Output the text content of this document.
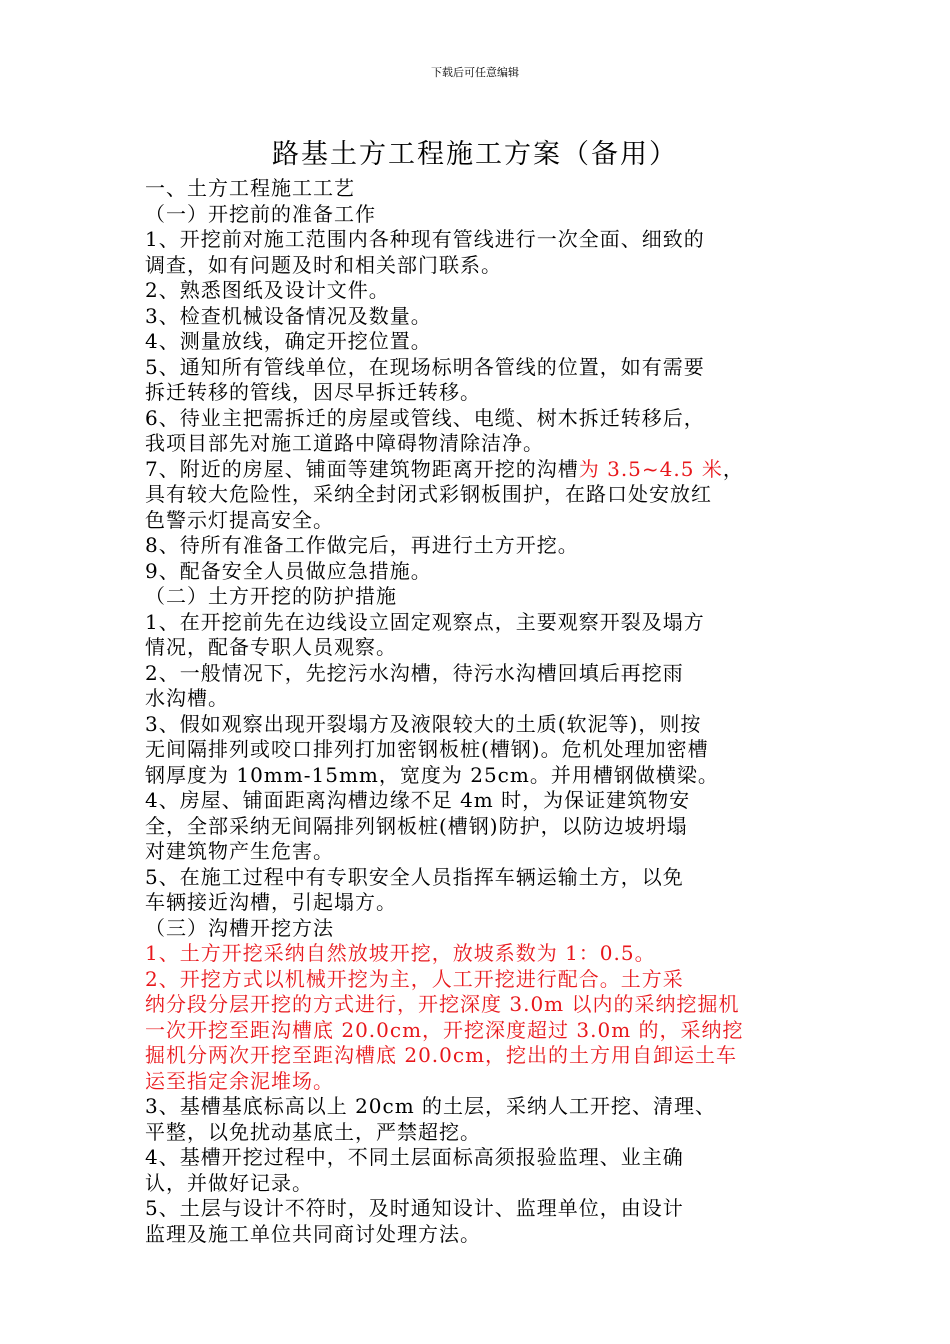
下载后可任意编辑
路基土方工程施工方案（备用）
一、土方工程施工工艺
（一）开挖前的准备工作
1、开挖前对施工范围内各种现有管线进行一次全面、细致的
调查，如有问题及时和相关部门联系。
2、熟悉图纸及设计文件。
3、检查机械设备情况及数量。
4、测量放线，确定开挖位置。
5、通知所有管线单位，在现场标明各管线的位置，如有需要
拆迁转移的管线，因尽早拆迁转移。
6、待业主把需拆迁的房屋或管线、电缆、树木拆迁转移后，
我项目部先对施工道路中障碍物清除洁净。
7、附近的房屋、铺面等建筑物距离开挖的沟槽为 3.5~4.5 米，
具有较大危险性，采纳全封闭式彩钢板围护，在路口处安放红
色警示灯提高安全。
8、待所有准备工作做完后，再进行土方开挖。
9、配备安全人员做应急措施。
（二）土方开挖的防护措施
1、在开挖前先在边线设立固定观察点，主要观察开裂及塌方
情况，配备专职人员观察。
2、一般情况下，先挖污水沟槽，待污水沟槽回填后再挖雨
水沟槽。
3、假如观察出现开裂塌方及液限较大的土质(软泥等)，则按
无间隔排列或咬口排列打加密钢板桩(槽钢)。危机处理加密槽
钢厚度为 10mm-15mm，宽度为 25cm。并用槽钢做横梁。
4、房屋、铺面距离沟槽边缘不足 4m 时，为保证建筑物安
全，全部采纳无间隔排列钢板桩(槽钢)防护，以防边坡坍塌
对建筑物产生危害。
5、在施工过程中有专职安全人员指挥车辆运输土方，以免
车辆接近沟槽，引起塌方。
（三）沟槽开挖方法
1、土方开挖采纳自然放坡开挖，放坡系数为 1：0.5。
2、开挖方式以机械开挖为主，人工开挖进行配合。土方采
纳分段分层开挖的方式进行，开挖深度 3.0m 以内的采纳挖掘机
一次开挖至距沟槽底 20.0cm，开挖深度超过 3.0m 的，采纳挖
掘机分两次开挖至距沟槽底 20.0cm，挖出的土方用自卸运土车
运至指定余泥堆场。
3、基槽基底标高以上 20cm 的土层，采纳人工开挖、清理、
平整，以免扰动基底土，严禁超挖。
4、基槽开挖过程中，不同土层面标高须报验监理、业主确
认，并做好记录。
5、土层与设计不符时，及时通知设计、监理单位，由设计
监理及施工单位共同商讨处理方法。
